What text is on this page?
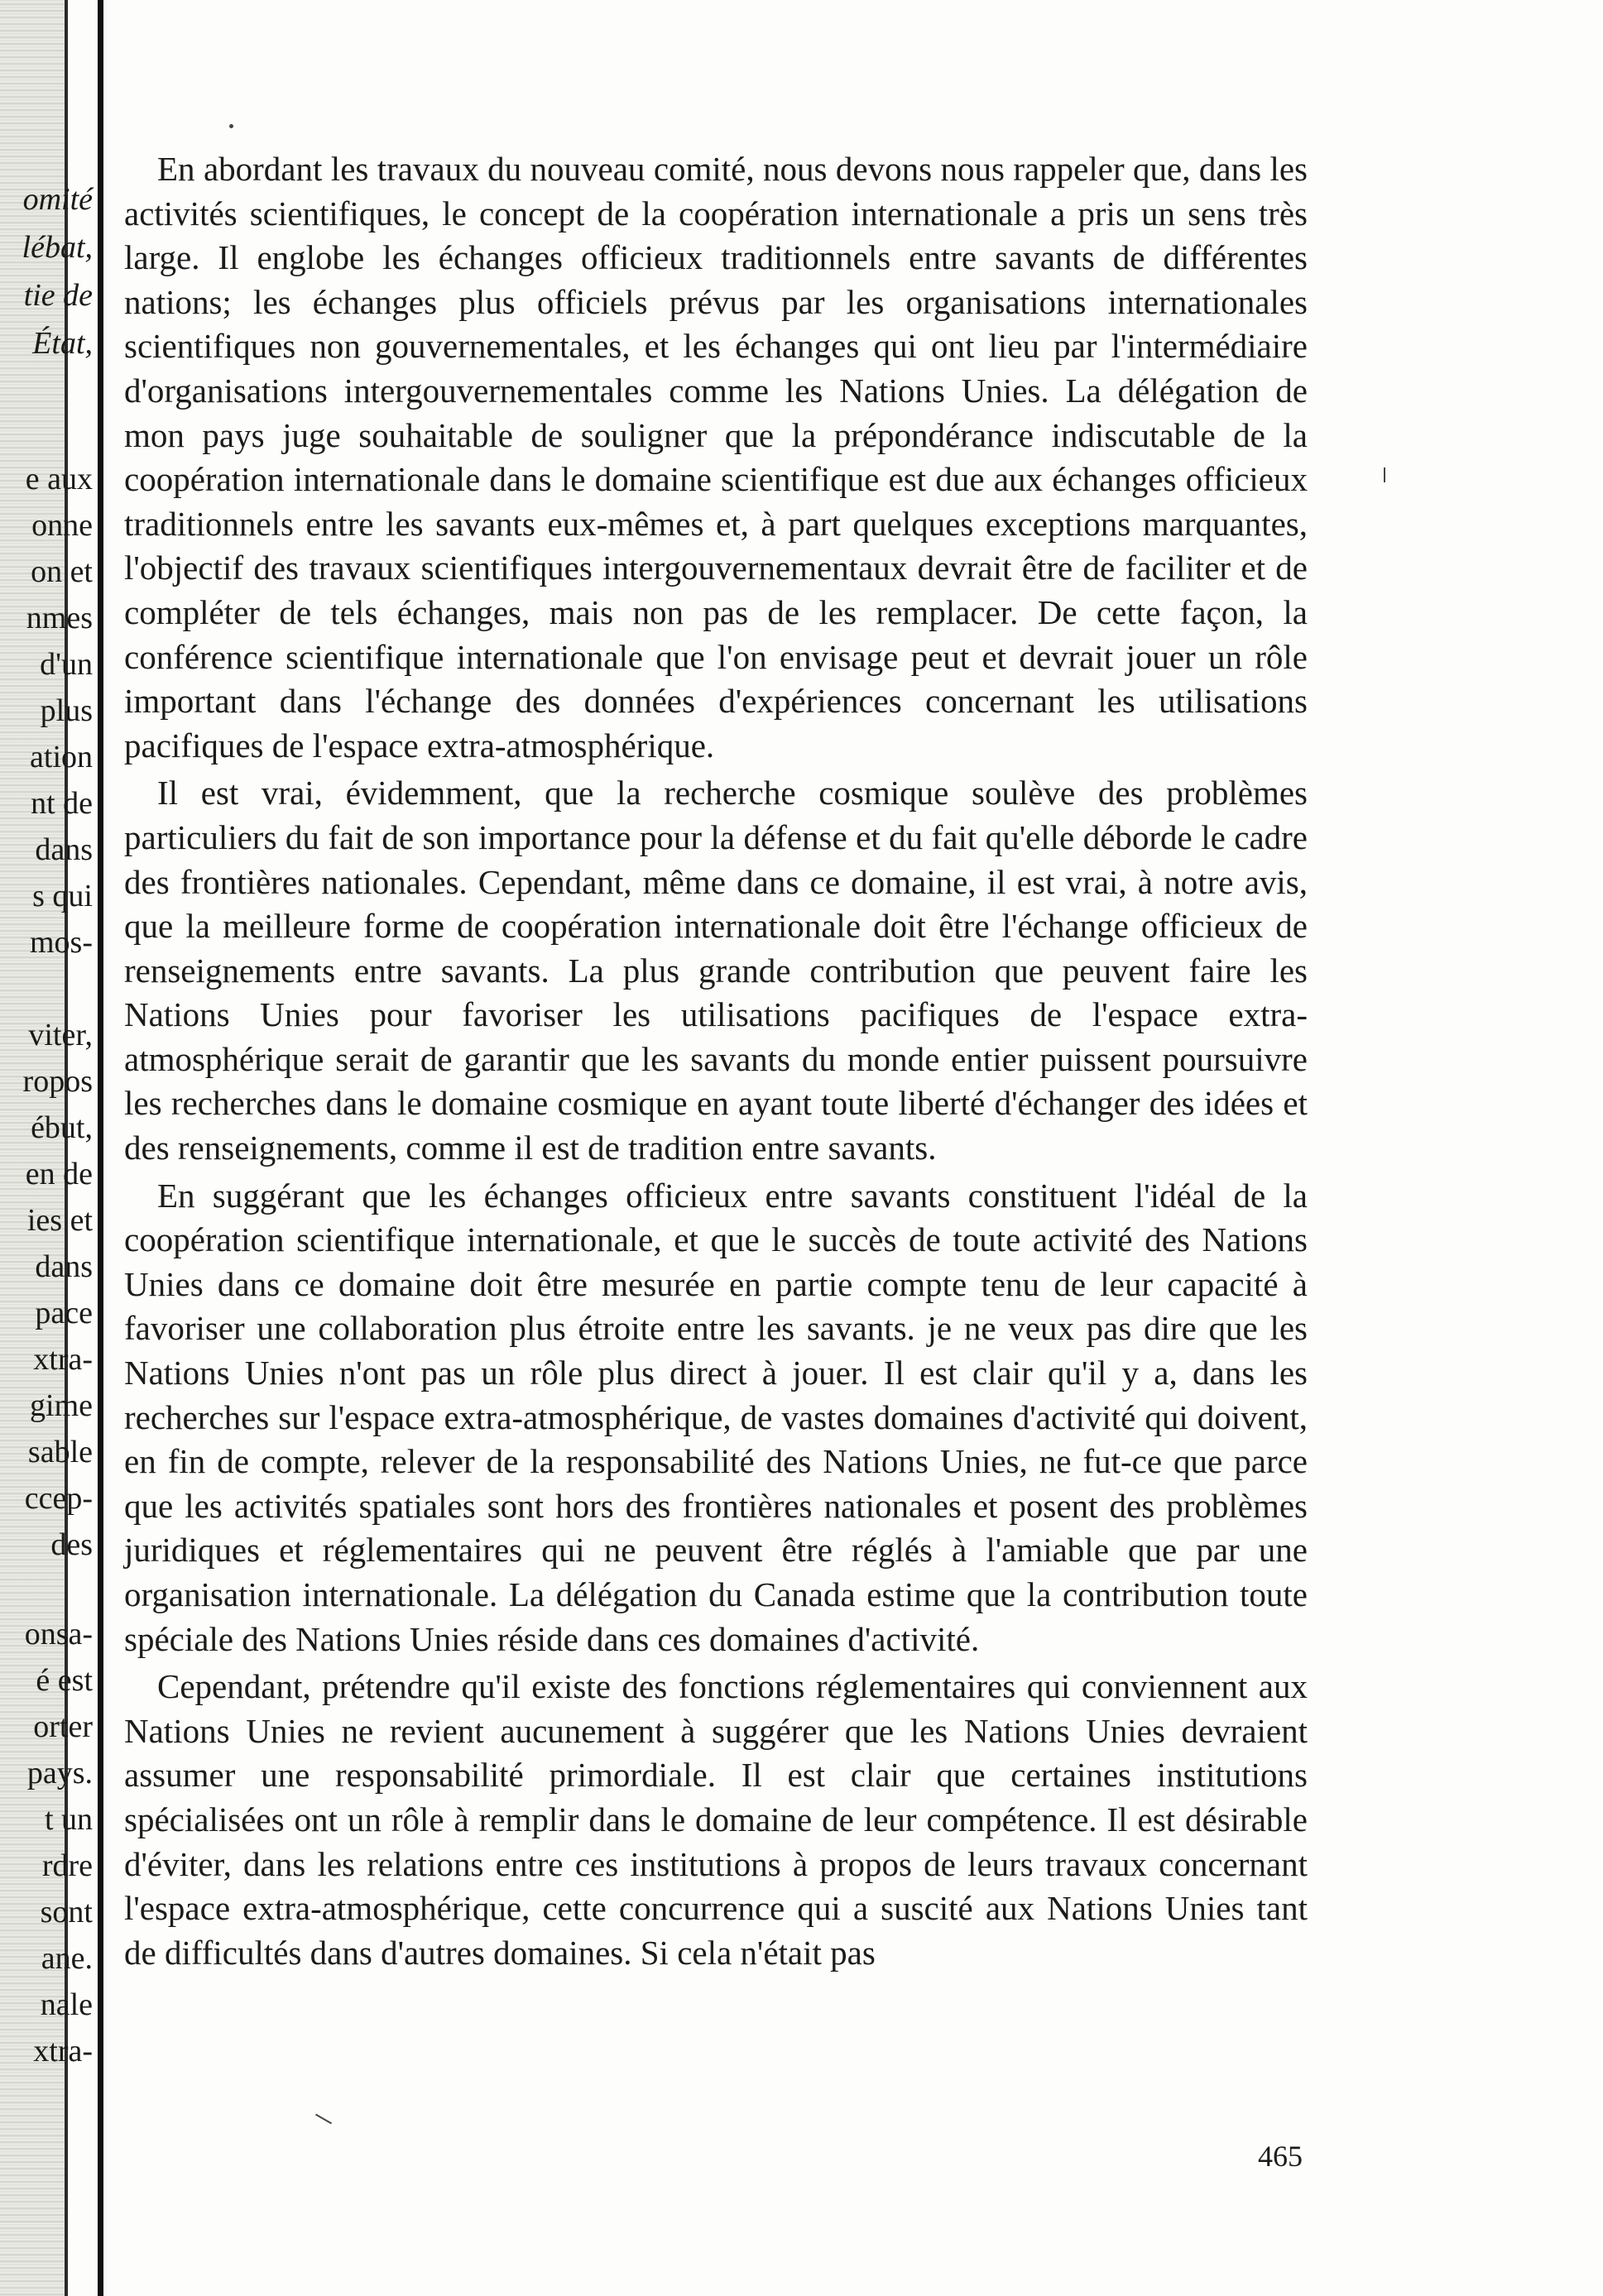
omité
lébat,
tie de
État,
e aux
onne
on et
nmes
d'un
plus
ation
nt de
dans
s qui
mos-
viter,
ropos
ébut,
en de
ies et
dans
pace
xtra-
gime
sable
ccep-
des
onsa-
é est
orter
pays.
t un
rdre
sont
ane.
nale
xtra-

En abordant les travaux du nouveau comité, nous devons nous rappeler que, dans les activités scientifiques, le concept de la coopération internationale a pris un sens très large. Il englobe les échanges officieux traditionnels entre savants de différentes nations; les échanges plus officiels prévus par les organisations internationales scientifiques non gouvernementales, et les échanges qui ont lieu par l'intermédiaire d'organisations intergouvernementales comme les Nations Unies. La délégation de mon pays juge souhaitable de souligner que la prépondérance indiscutable de la coopération internationale dans le domaine scientifique est due aux échanges officieux traditionnels entre les savants eux-mêmes et, à part quelques exceptions marquantes, l'objectif des travaux scientifiques intergouvernementaux devrait être de faciliter et de compléter de tels échanges, mais non pas de les remplacer. De cette façon, la conférence scientifique internationale que l'on envisage peut et devrait jouer un rôle important dans l'échange des données d'expériences concernant les utilisations pacifiques de l'espace extra-atmosphérique.

Il est vrai, évidemment, que la recherche cosmique soulève des problèmes particuliers du fait de son importance pour la défense et du fait qu'elle déborde le cadre des frontières nationales. Cependant, même dans ce domaine, il est vrai, à notre avis, que la meilleure forme de coopération internationale doit être l'échange officieux de renseignements entre savants. La plus grande contribution que peuvent faire les Nations Unies pour favoriser les utilisations pacifiques de l'espace extra-atmosphérique serait de garantir que les savants du monde entier puissent poursuivre les recherches dans le domaine cosmique en ayant toute liberté d'échanger des idées et des renseignements, comme il est de tradition entre savants.

En suggérant que les échanges officieux entre savants constituent l'idéal de la coopération scientifique internationale, et que le succès de toute activité des Nations Unies dans ce domaine doit être mesurée en partie compte tenu de leur capacité à favoriser une collaboration plus étroite entre les savants. je ne veux pas dire que les Nations Unies n'ont pas un rôle plus direct à jouer. Il est clair qu'il y a, dans les recherches sur l'espace extra-atmosphérique, de vastes domaines d'activité qui doivent, en fin de compte, relever de la responsabilité des Nations Unies, ne fut-ce que parce que les activités spatiales sont hors des frontières nationales et posent des problèmes juridiques et réglementaires qui ne peuvent être réglés à l'amiable que par une organisation internationale. La délégation du Canada estime que la contribution toute spéciale des Nations Unies réside dans ces domaines d'activité.

Cependant, prétendre qu'il existe des fonctions réglementaires qui conviennent aux Nations Unies ne revient aucunement à suggérer que les Nations Unies devraient assumer une responsabilité primordiale. Il est clair que certaines institutions spécialisées ont un rôle à remplir dans le domaine de leur compétence. Il est désirable d'éviter, dans les relations entre ces institutions à propos de leurs travaux concernant l'espace extra-atmosphérique, cette concurrence qui a suscité aux Nations Unies tant de difficultés dans d'autres domaines. Si cela n'était pas

465
